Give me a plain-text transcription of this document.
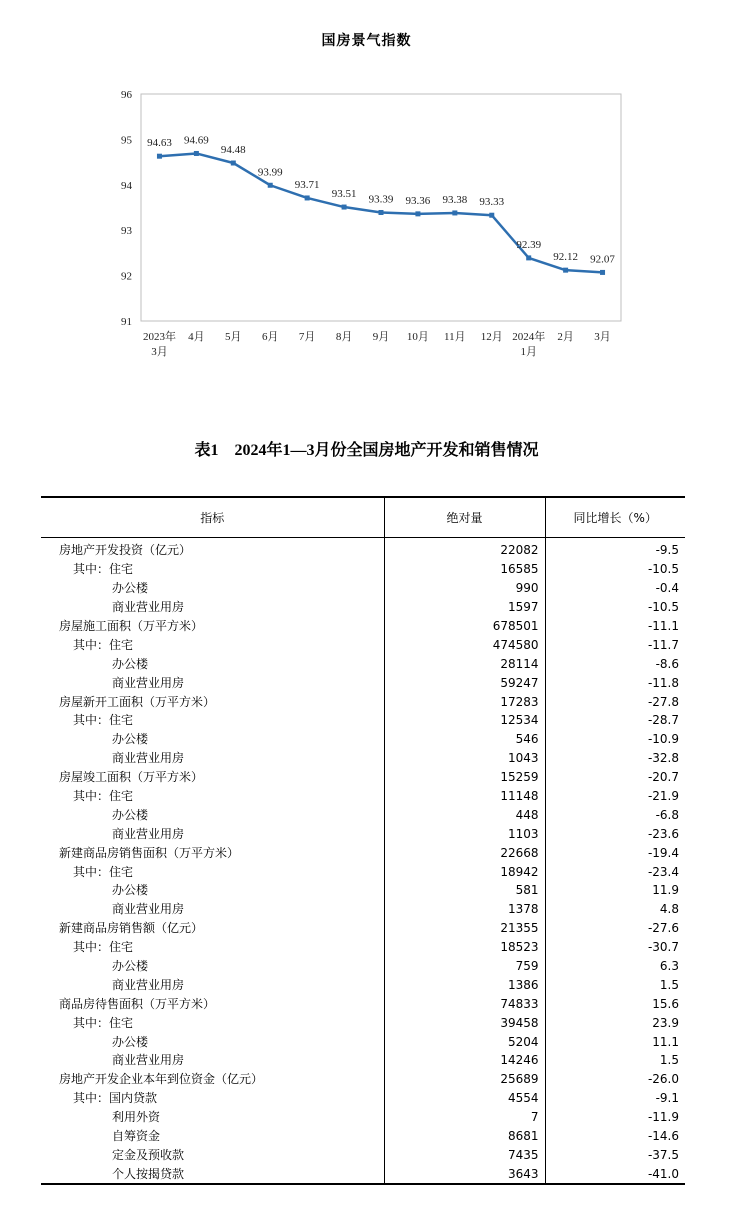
国房景气指数
91
92
93
94
95
96
2023年 3月
4月 5月 6月 7月 8月 9月 10月 11月 12月 2024年 1月
2月 3月
94.63 94.69
94.48
93.99
93.71
93.51 93.39 93.36 93.38 93.33
92.39
92.12 92.07
表1　2024年1—3月份全国房地产开发和销售情况
指标	绝对量	同比增长（%）
房地产开发投资（亿元）	22082	-9.5
其中：住宅	16585	-10.5
办公楼	990	-0.4
商业营业用房	1597	-10.5
房屋施工面积（万平方米）	678501	-11.1
其中：住宅	474580	-11.7
办公楼	28114	-8.6
商业营业用房	59247	-11.8
房屋新开工面积（万平方米）	17283	-27.8
其中：住宅	12534	-28.7
办公楼	546	-10.9
商业营业用房	1043	-32.8
房屋竣工面积（万平方米）	15259	-20.7
其中：住宅	11148	-21.9
办公楼	448	-6.8
商业营业用房	1103	-23.6
新建商品房销售面积（万平方米）	22668	-19.4
其中：住宅	18942	-23.4
办公楼	581	11.9
商业营业用房	1378	4.8
新建商品房销售额（亿元）	21355	-27.6
其中：住宅	18523	-30.7
办公楼	759	6.3
商业营业用房	1386	1.5
商品房待售面积（万平方米）	74833	15.6
其中：住宅	39458	23.9
办公楼	5204	11.1
商业营业用房	14246	1.5
房地产开发企业本年到位资金（亿元）	25689	-26.0
其中：国内贷款	4554	-9.1
利用外资	7	-11.9
自筹资金	8681	-14.6
定金及预收款	7435	-37.5
个人按揭贷款	3643	-41.0
